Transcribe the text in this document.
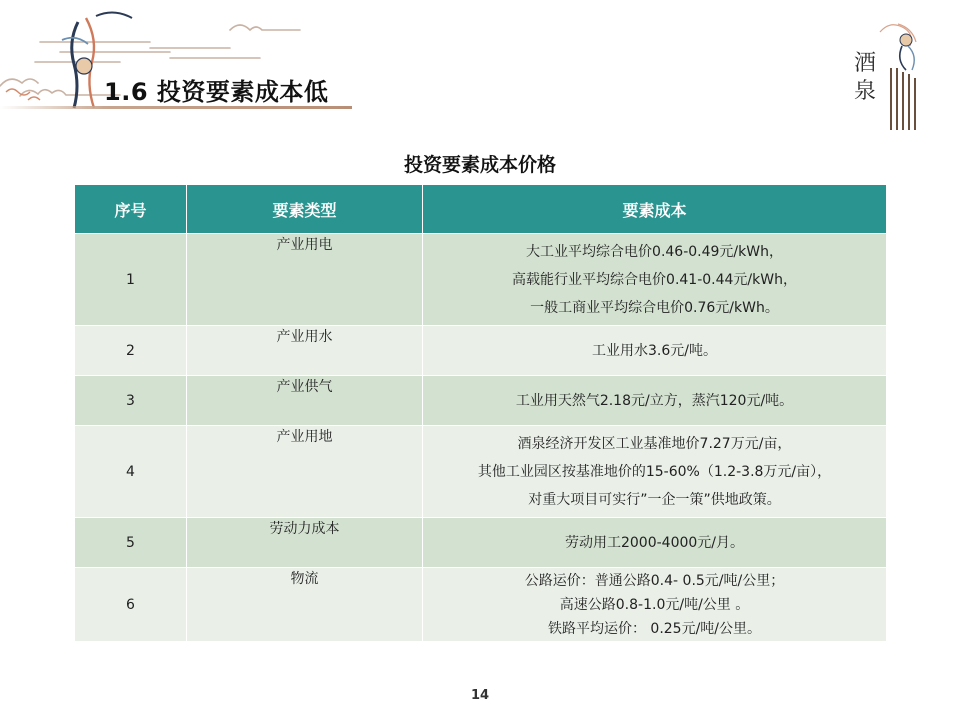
1.6 投资要素成本低
酒
泉
投资要素成本价格
序号	要素类型	要素成本
1	产业用电	大工业平均综合电价0.46-0.49元/kWh，
高载能行业平均综合电价0.41-0.44元/kWh，
一般工商业平均综合电价0.76元/kWh。

2	产业用水	工业用水3.6元/吨。

3	产业供气	工业用天然气2.18元/立方，蒸汽120元/吨。

4	产业用地	酒泉经济开发区工业基准地价7.27万元/亩，
其他工业园区按基准地价的15-60%（1.2-3.8万元/亩），
对重大项目可实行”一企一策”供地政策。

5	劳动力成本	劳动用工2000-4000元/月。

6	物流	公路运价：普通公路0.4- 0.5元/吨/公里；
高速公路0.8-1.0元/吨/公里 。
铁路平均运价： 0.25元/吨/公里。
14
